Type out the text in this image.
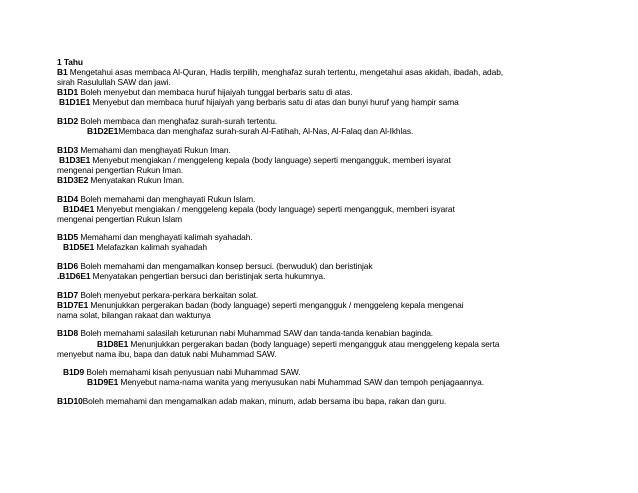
1 Tahu
B1 Mengetahui asas membaca Al-Quran, Hadis terpilih, menghafaz surah tertentu, mengetahui asas akidah, ibadah, adab,
sirah Rasulullah SAW dan jawi.
B1D1 Boleh menyebut dan membaca huruf hijaiyah tunggal berbaris satu di atas.
B1D1E1 Menyebut dan membaca huruf hijaiyah yang berbaris satu di atas dan bunyi huruf yang hampir sama
B1D2 Boleh membaca dan menghafaz surah-surah tertentu.
B1D2E1Membaca dan menghafaz surah-surah Al-Fatihah, Al-Nas, Al-Falaq dan Al-Ikhlas.
B1D3 Memahami dan menghayati Rukun Iman.
B1D3E1 Menyebut mengiakan / menggeleng kepala (body language) seperti mengangguk, memberi isyarat
mengenai pengertian Rukun Iman.
B1D3E2 Menyatakan Rukun Iman.
B1D4 Boleh memahami dan menghayati Rukun Islam.
B1D4E1 Menyebut mengiakan / menggeleng kepala (body language) seperti mengangguk, memberi isyarat
mengenai pengertian Rukun Islam
B1D5 Memahami dan menghayati kalimah syahadah.
B1D5E1 Melafazkan kalimah syahadah
B1D6 Boleh memahami dan mengamalkan konsep bersuci. (berwuduk) dan beristinjak
.B1D6E1 Menyatakan pengertian bersuci dan beristinjak serta hukumnya.
B1D7 Boleh menyebut perkara-perkara berkaitan solat.
B1D7E1 Menunjukkan pergerakan badan (body language) seperti mengangguk / menggeleng kepala mengenai
nama solat, bilangan rakaat dan waktunya
B1D8 Boleh memahami salasilah keturunan nabi Muhammad SAW dan tanda-tanda kenabian baginda.
B1D8E1 Menunjukkan pergerakan badan (body language) seperti mengangguk atau menggeleng kepala serta
menyebut nama ibu, bapa dan datuk nabi Muhammad SAW.
B1D9 Boleh memahami kisah penyusuan nabi Muhammad SAW.
B1D9E1 Menyebut nama-nama wanita yang menyusukan nabi Muhammad SAW dan tempoh penjagaannya.
B1D10Boleh memahami dan mengamalkan adab makan, minum, adab bersama ibu bapa, rakan dan guru.
